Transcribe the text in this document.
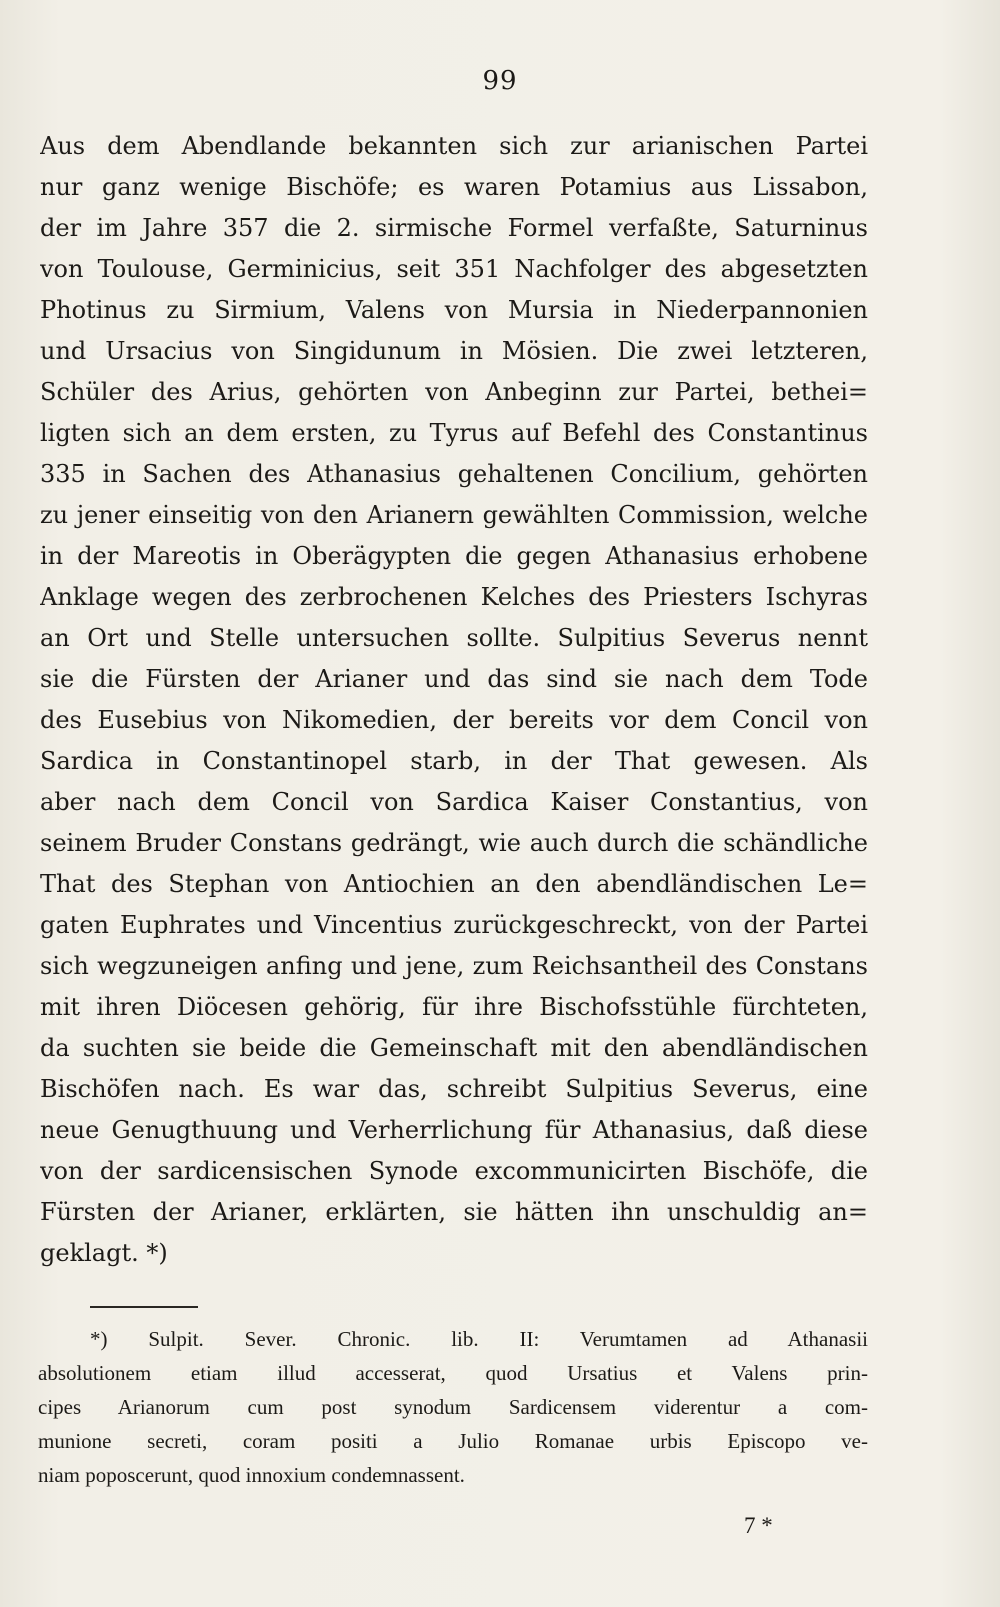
99
Aus dem Abendlande bekannten sich zur arianischen Partei
nur ganz wenige Bischöfe; es waren Potamius aus Lissabon,
der im Jahre 357 die 2. sirmische Formel verfaßte, Saturninus
von Toulouse, Germinicius, seit 351 Nachfolger des abgesetzten
Photinus zu Sirmium, Valens von Mursia in Niederpannonien
und Ursacius von Singidunum in Mösien. Die zwei letzteren,
Schüler des Arius, gehörten von Anbeginn zur Partei, bethei=
ligten sich an dem ersten, zu Tyrus auf Befehl des Constantinus
335 in Sachen des Athanasius gehaltenen Concilium, gehörten
zu jener einseitig von den Arianern gewählten Commission, welche
in der Mareotis in Oberägypten die gegen Athanasius erhobene
Anklage wegen des zerbrochenen Kelches des Priesters Ischyras
an Ort und Stelle untersuchen sollte. Sulpitius Severus nennt
sie die Fürsten der Arianer und das sind sie nach dem Tode
des Eusebius von Nikomedien, der bereits vor dem Concil von
Sardica in Constantinopel starb, in der That gewesen. Als
aber nach dem Concil von Sardica Kaiser Constantius, von
seinem Bruder Constans gedrängt, wie auch durch die schändliche
That des Stephan von Antiochien an den abendländischen Le=
gaten Euphrates und Vincentius zurückgeschreckt, von der Partei
sich wegzuneigen anfing und jene, zum Reichsantheil des Constans
mit ihren Diöcesen gehörig, für ihre Bischofsstühle fürchteten,
da suchten sie beide die Gemeinschaft mit den abendländischen
Bischöfen nach. Es war das, schreibt Sulpitius Severus, eine
neue Genugthuung und Verherrlichung für Athanasius, daß diese
von der sardicensischen Synode excommunicirten Bischöfe, die
Fürsten der Arianer, erklärten, sie hätten ihn unschuldig an=
geklagt. *)
*) Sulpit. Sever. Chronic. lib. II: Verumtamen ad Athanasii
absolutionem etiam illud accesserat, quod Ursatius et Valens prin-
cipes Arianorum cum post synodum Sardicensem viderentur a com-
munione secreti, coram positi a Julio Romanae urbis Episcopo ve-
niam poposcerunt, quod innoxium condemnassent.
7 *
